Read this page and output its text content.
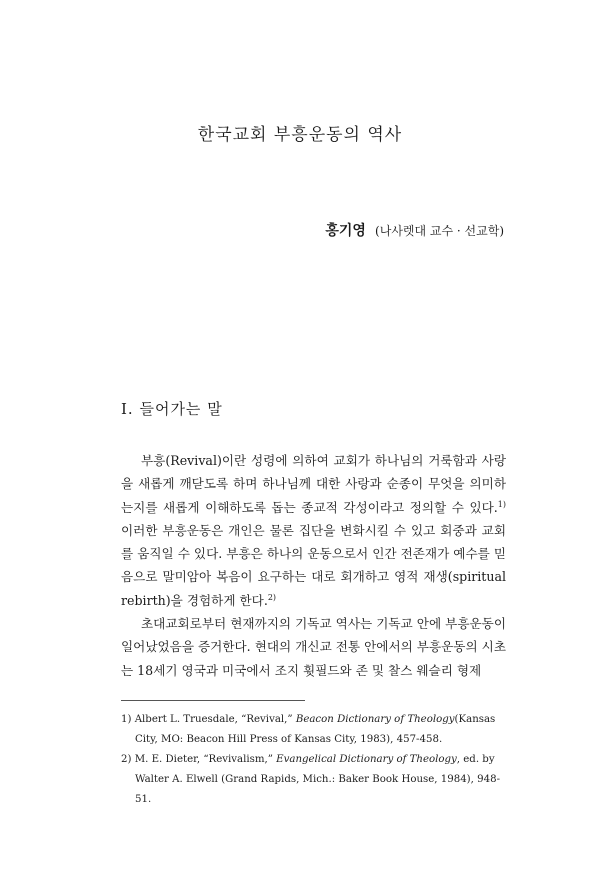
한국교회 부흥운동의 역사
홍기영 (나사렛대 교수 · 선교학)
I. 들어가는 말

부흥(Revival)이란 성령에 의하여 교회가 하나님의 거룩함과 사랑을 새롭게 깨닫도록 하며 하나님께 대한 사랑과 순종이 무엇을 의미하는지를 새롭게 이해하도록 돕는 종교적 각성이라고 정의할 수 있다.$^{1)}$ 이러한 부흥운동은 개인은 물론 집단을 변화시킬 수 있고 회중과 교회를 움직일 수 있다. 부흥은 하나의 운동으로서 인간 전존재가 예수를 믿음으로 말미암아 복음이 요구하는 대로 회개하고 영적 재생(spiritual rebirth)을 경험하게 한다.$^{2)}$

초대교회로부터 현재까지의 기독교 역사는 기독교 안에 부흥운동이 일어났었음을 증거한다. 현대의 개신교 전통 안에서의 부흥운동의 시초는 18세기 영국과 미국에서 조지 휫필드와 존 및 찰스 웨슬리 형제

1) Albert L. Truesdale, “Revival,” Beacon Dictionary of Theology(Kansas City, MO: Beacon Hill Press of Kansas City, 1983), 457-458.
2) M. E. Dieter, “Revivalism,” Evangelical Dictionary of Theology, ed. by Walter A. Elwell (Grand Rapids, Mich.: Baker Book House, 1984), 948-51.
